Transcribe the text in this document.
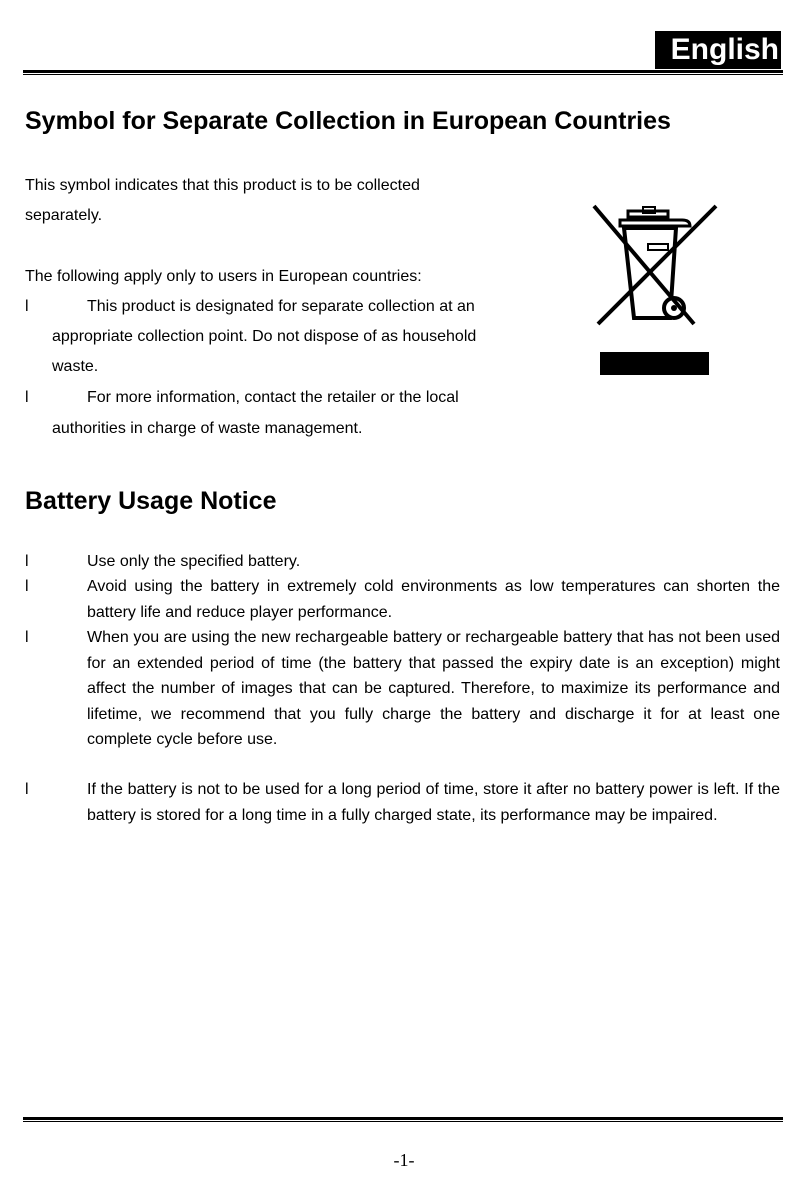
English
Symbol for Separate Collection in European Countries
This symbol indicates that this product is to be collected
separately.
The following apply only to users in European countries:
l	This product is designated for separate collection at an
appropriate collection point. Do not dispose of as household
waste.
l	For more information, contact the retailer or the local
authorities in charge of waste management.
Battery Usage Notice
l	Use only the specified battery.
l	Avoid using the battery in extremely cold environments as low temperatures can shorten the battery life and reduce player performance.
l	When you are using the new rechargeable battery or rechargeable battery that has not been used for an extended period of time (the battery that passed the expiry date is an exception) might affect the number of images that can be captured. Therefore, to maximize its performance and lifetime, we recommend that you fully charge the battery and discharge it for at least one complete cycle before use.
l	If the battery is not to be used for a long period of time, store it after no battery power is left. If the battery is stored for a long time in a fully charged state, its performance may be impaired.
-1-
